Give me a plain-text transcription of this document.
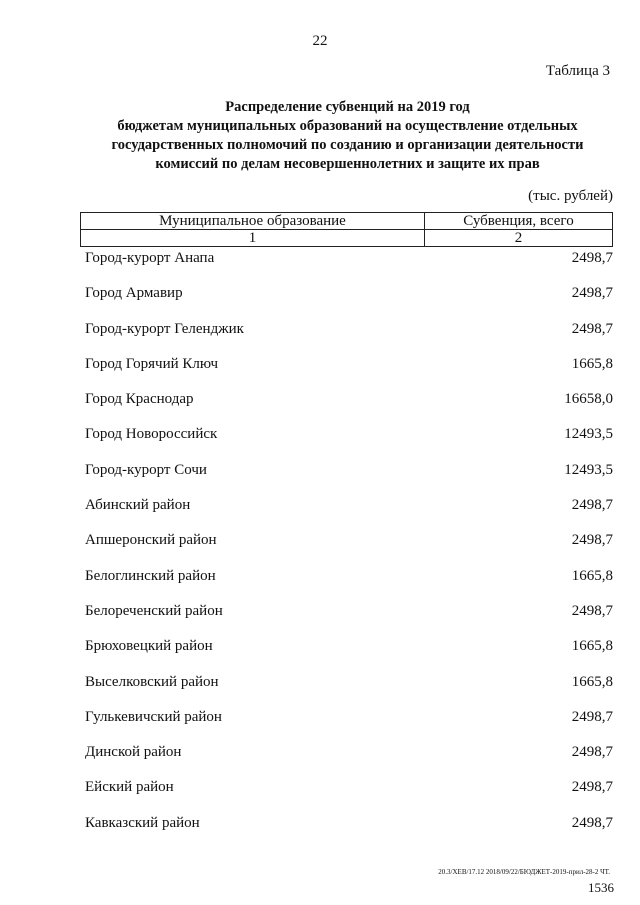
22
Таблица 3
Распределение субвенций на 2019 год
бюджетам муниципальных образований на осуществление отдельных
государственных полномочий по созданию и организации деятельности
комиссий по делам несовершеннолетних и защите их прав
(тыс. рублей)
Муниципальное образование	Субвенция, всего
1	2
Город-курорт Анапа	2498,7
Город Армавир	2498,7
Город-курорт Геленджик	2498,7
Город Горячий Ключ	1665,8
Город Краснодар	16658,0
Город Новороссийск	12493,5
Город-курорт Сочи	12493,5
Абинский район	2498,7
Апшеронский район	2498,7
Белоглинский район	1665,8
Белореченский район	2498,7
Брюховецкий район	1665,8
Выселковский район	1665,8
Гулькевичский район	2498,7
Динской район	2498,7
Ейский район	2498,7
Кавказский район	2498,7
20.3/ХЕВ/17.12 2018/09/22/БЮДЖЕТ-2019-прил-28-2 ЧТ.
1536
